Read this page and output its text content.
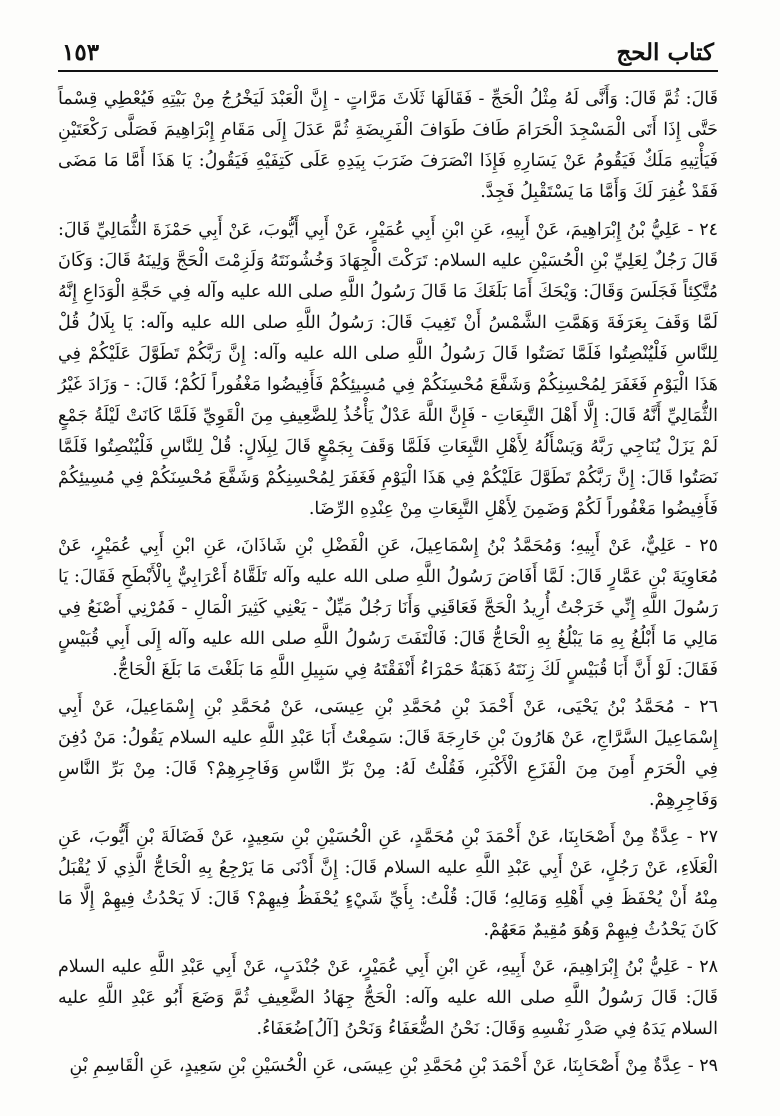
كتاب الحج
١٥٣

قَالَ: ثُمَّ قَالَ: وَأَنَّى لَهُ مِثْلُ الْحَجِّ - فَقَالَهَا ثَلَاثَ مَرَّاتٍ - إِنَّ الْعَبْدَ لَيَخْرُجُ مِنْ بَيْتِهِ فَيُعْطِي قِسْماً حَتَّى إِذَا أَتَى الْمَسْجِدَ الْحَرَامَ طَافَ طَوَافَ الْفَرِيضَةِ ثُمَّ عَدَلَ إِلَى مَقَامِ إِبْرَاهِيمَ فَصَلَّى رَكْعَتَيْنِ فَيَأْتِيهِ مَلَكٌ فَيَقُومُ عَنْ يَسَارِهِ فَإِذَا انْصَرَفَ ضَرَبَ بِيَدِهِ عَلَى كَتِفَيْهِ فَيَقُولُ: يَا هَذَا أَمَّا مَا مَضَى فَقَدْ غُفِرَ لَكَ وَأَمَّا مَا يَسْتَقْبِلُ فَجِدَّ.

٢٤ - عَلِيُّ بْنُ إِبْرَاهِيمَ، عَنْ أَبِيهِ، عَنِ ابْنِ أَبِي عُمَيْرٍ، عَنْ أَبِي أَيُّوبَ، عَنْ أَبِي حَمْزَةَ الثُّمَالِيِّ قَالَ: قَالَ رَجُلٌ لِعَلِيِّ بْنِ الْحُسَيْنِ عليه السلام: تَرَكْتَ الْجِهَادَ وَخُشُونَتَهُ وَلَزِمْتَ الْحَجَّ وَلِينَهُ قَالَ: وَكَانَ مُتَّكِئاً فَجَلَسَ وَقَالَ: وَيْحَكَ أَمَا بَلَغَكَ مَا قَالَ رَسُولُ اللَّهِ صلى الله عليه وآله فِي حَجَّةِ الْوَدَاعِ إِنَّهُ لَمَّا وَقَفَ بِعَرَفَةَ وَهَمَّتِ الشَّمْسُ أَنْ تَغِيبَ قَالَ: رَسُولُ اللَّهِ صلى الله عليه وآله: يَا بِلَالُ قُلْ لِلنَّاسِ فَلْيُنْصِتُوا فَلَمَّا نَصَتُوا قَالَ رَسُولُ اللَّهِ صلى الله عليه وآله: إِنَّ رَبَّكُمْ تَطَوَّلَ عَلَيْكُمْ فِي هَذَا الْيَوْمِ فَغَفَرَ لِمُحْسِنِكُمْ وَشَفَّعَ مُحْسِنَكُمْ فِي مُسِيئِكُمْ فَأَفِيضُوا مَغْفُوراً لَكُمْ؛ قَالَ: - وَزَادَ غَيْرُ الثُّمَالِيِّ أَنَّهُ قَالَ: إِلَّا أَهْلَ التَّبِعَاتِ - فَإِنَّ اللَّهَ عَدْلٌ يَأْخُذُ لِلضَّعِيفِ مِنَ الْقَوِيِّ فَلَمَّا كَانَتْ لَيْلَةُ جَمْعٍ لَمْ يَزَلْ يُنَاجِي رَبَّهُ وَيَسْأَلُهُ لِأَهْلِ التَّبِعَاتِ فَلَمَّا وَقَفَ بِجَمْعٍ قَالَ لِبِلَالٍ: قُلْ لِلنَّاسِ فَلْيُنْصِتُوا فَلَمَّا نَصَتُوا قَالَ: إِنَّ رَبَّكُمْ تَطَوَّلَ عَلَيْكُمْ فِي هَذَا الْيَوْمِ فَغَفَرَ لِمُحْسِنِكُمْ وَشَفَّعَ مُحْسِنَكُمْ فِي مُسِيئِكُمْ فَأَفِيضُوا مَغْفُوراً لَكُمْ وَضَمِنَ لِأَهْلِ التَّبِعَاتِ مِنْ عِنْدِهِ الرِّضَا.

٢٥ - عَلِيٌّ، عَنْ أَبِيهِ؛ وَمُحَمَّدُ بْنُ إِسْمَاعِيلَ، عَنِ الْفَضْلِ بْنِ شَاذَانَ، عَنِ ابْنِ أَبِي عُمَيْرٍ، عَنْ مُعَاوِيَةَ بْنِ عَمَّارٍ قَالَ: لَمَّا أَفَاضَ رَسُولُ اللَّهِ صلى الله عليه وآله تَلَقَّاهُ أَعْرَابِيٌّ بِالْأَبْطَحِ فَقَالَ: يَا رَسُولَ اللَّهِ إِنِّي خَرَجْتُ أُرِيدُ الْحَجَّ فَعَاقَنِي وَأَنَا رَجُلٌ مَيِّلٌ - يَعْنِي كَثِيرَ الْمَالِ - فَمُرْنِي أَصْنَعُ فِي مَالِي مَا أَبْلُغُ بِهِ مَا يَبْلُغُ بِهِ الْحَاجُّ قَالَ: فَالْتَفَتَ رَسُولُ اللَّهِ صلى الله عليه وآله إِلَى أَبِي قُبَيْسٍ فَقَالَ: لَوْ أَنَّ أَبَا قُبَيْسٍ لَكَ زِنَتَهُ ذَهَبَةٌ حَمْرَاءُ أَنْفَقْتَهُ فِي سَبِيلِ اللَّهِ مَا بَلَغْتَ مَا بَلَغَ الْحَاجُّ.

٢٦ - مُحَمَّدُ بْنُ يَحْيَى، عَنْ أَحْمَدَ بْنِ مُحَمَّدِ بْنِ عِيسَى، عَنْ مُحَمَّدِ بْنِ إِسْمَاعِيلَ، عَنْ أَبِي إِسْمَاعِيلَ السَّرَّاجِ، عَنْ هَارُونَ بْنِ خَارِجَةَ قَالَ: سَمِعْتُ أَبَا عَبْدِ اللَّهِ عليه السلام يَقُولُ: مَنْ دُفِنَ فِي الْحَرَمِ أَمِنَ مِنَ الْفَزَعِ الْأَكْبَرِ، فَقُلْتُ لَهُ: مِنْ بَرِّ النَّاسِ وَفَاجِرِهِمْ؟ قَالَ: مِنْ بَرِّ النَّاسِ وَفَاجِرِهِمْ.

٢٧ - عِدَّةٌ مِنْ أَصْحَابِنَا، عَنْ أَحْمَدَ بْنِ مُحَمَّدٍ، عَنِ الْحُسَيْنِ بْنِ سَعِيدٍ، عَنْ فَضَالَةَ بْنِ أَيُّوبَ، عَنِ الْعَلَاءِ، عَنْ رَجُلٍ، عَنْ أَبِي عَبْدِ اللَّهِ عليه السلام قَالَ: إِنَّ أَدْنَى مَا يَرْجِعُ بِهِ الْحَاجُّ الَّذِي لَا يُقْبَلُ مِنْهُ أَنْ يُحْفَظَ فِي أَهْلِهِ وَمَالِهِ؛ قَالَ: قُلْتُ: بِأَيِّ شَيْءٍ يُحْفَظُ فِيهِمْ؟ قَالَ: لَا يَحْدُثُ فِيهِمْ إِلَّا مَا كَانَ يَحْدُثُ فِيهِمْ وَهُوَ مُقِيمٌ مَعَهُمْ.

٢٨ - عَلِيُّ بْنُ إِبْرَاهِيمَ، عَنْ أَبِيهِ، عَنِ ابْنِ أَبِي عُمَيْرٍ، عَنْ جُنْدَبٍ، عَنْ أَبِي عَبْدِ اللَّهِ عليه السلام قَالَ: قَالَ رَسُولُ اللَّهِ صلى الله عليه وآله: الْحَجُّ جِهَادُ الضَّعِيفِ ثُمَّ وَضَعَ أَبُو عَبْدِ اللَّهِ عليه السلام يَدَهُ فِي صَدْرِ نَفْسِهِ وَقَالَ: نَحْنُ الضُّعَفَاءُ وَنَحْنُ [آلُ]ضُعَفَاءُ.

٢٩ - عِدَّةٌ مِنْ أَصْحَابِنَا، عَنْ أَحْمَدَ بْنِ مُحَمَّدِ بْنِ عِيسَى، عَنِ الْحُسَيْنِ بْنِ سَعِيدٍ، عَنِ الْقَاسِمِ بْنِ
